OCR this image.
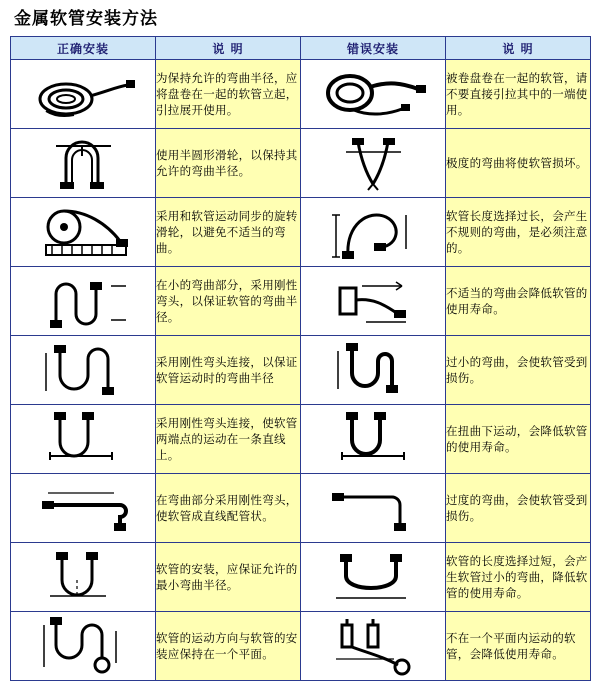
金属软管安装方法
正确安装	说 明	错误安装	说 明

	为保持允许的弯曲半径，应将盘卷在一起的软管立起，引拉展开使用。		被卷盘卷在一起的软管，请不要直接引拉其中的一端使用。

	使用半圆形滑轮，以保持其允许的弯曲半径。		极度的弯曲将使软管损坏。

	采用和软管运动同步的旋转滑轮，以避免不适当的弯曲。		软管长度选择过长，会产生不规则的弯曲，是必须注意的。

	在小的弯曲部分，采用刚性弯头，以保证软管的弯曲半径。		不适当的弯曲会降低软管的使用寿命。

	采用刚性弯头连接，以保证软管运动时的弯曲半径		过小的弯曲，会使软管受到损伤。

	采用刚性弯头连接，使软管两端点的运动在一条直线上。		在扭曲下运动，会降低软管的使用寿命。

	在弯曲部分采用刚性弯头，使软管成直线配管状。		过度的弯曲，会使软管受到损伤。

	软管的安装，应保证允许的最小弯曲半径。		软管的长度选择过短，会产生软管过小的弯曲，降低软管的使用寿命。

	软管的运动方向与软管的安装应保持在一个平面。		不在一个平面内运动的软管，会降低使用寿命。
